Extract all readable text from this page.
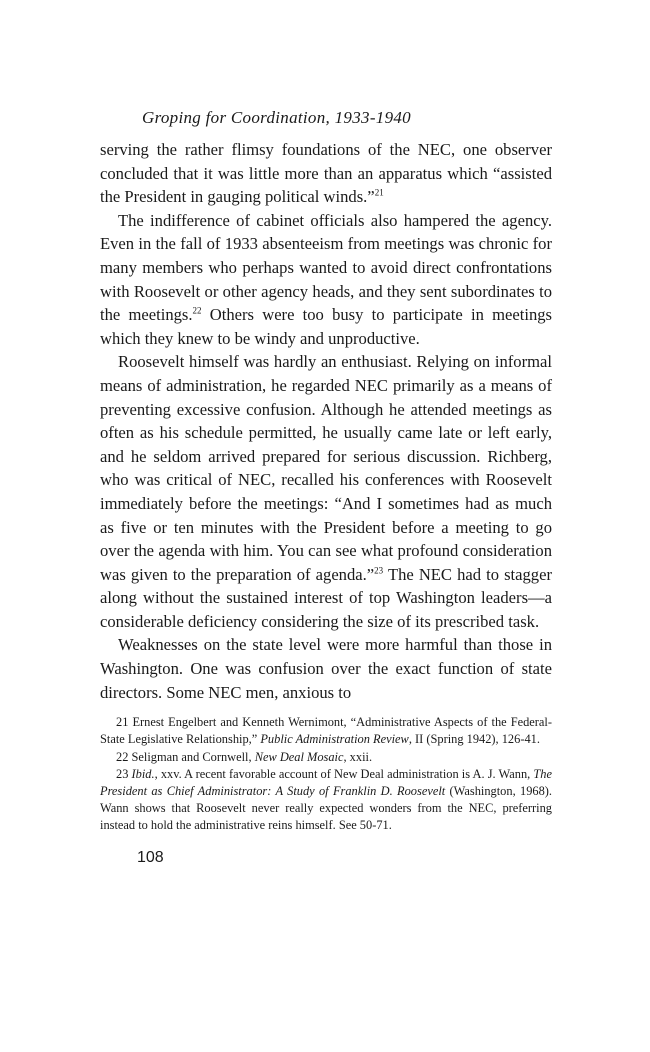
Groping for Coordination, 1933-1940

serving the rather flimsy foundations of the NEC, one observer concluded that it was little more than an apparatus which “assisted the President in gauging political winds.”$^{21}$

The indifference of cabinet officials also hampered the agency. Even in the fall of 1933 absenteeism from meetings was chronic for many members who perhaps wanted to avoid direct confrontations with Roosevelt or other agency heads, and they sent subordinates to the meetings.$^{22}$ Others were too busy to participate in meetings which they knew to be windy and unproductive.

Roosevelt himself was hardly an enthusiast. Relying on informal means of administration, he regarded NEC primarily as a means of preventing excessive confusion. Although he attended meetings as often as his schedule permitted, he usually came late or left early, and he seldom arrived prepared for serious discussion. Richberg, who was critical of NEC, recalled his conferences with Roosevelt immediately before the meetings: “And I sometimes had as much as five or ten minutes with the President before a meeting to go over the agenda with him. You can see what profound consideration was given to the preparation of agenda.”$^{23}$ The NEC had to stagger along without the sustained interest of top Washington leaders—a considerable deficiency considering the size of its prescribed task.

Weaknesses on the state level were more harmful than those in Washington. One was confusion over the exact function of state directors. Some NEC men, anxious to

21 Ernest Engelbert and Kenneth Wernimont, “Administrative Aspects of the Federal-State Legislative Relationship,” Public Administration Review, II (Spring 1942), 126-41.

22 Seligman and Cornwell, New Deal Mosaic, xxii.

23 Ibid., xxv. A recent favorable account of New Deal administration is A. J. Wann, The President as Chief Administrator: A Study of Franklin D. Roosevelt (Washington, 1968). Wann shows that Roosevelt never really expected wonders from the NEC, preferring instead to hold the administrative reins himself. See 50-71.

108
